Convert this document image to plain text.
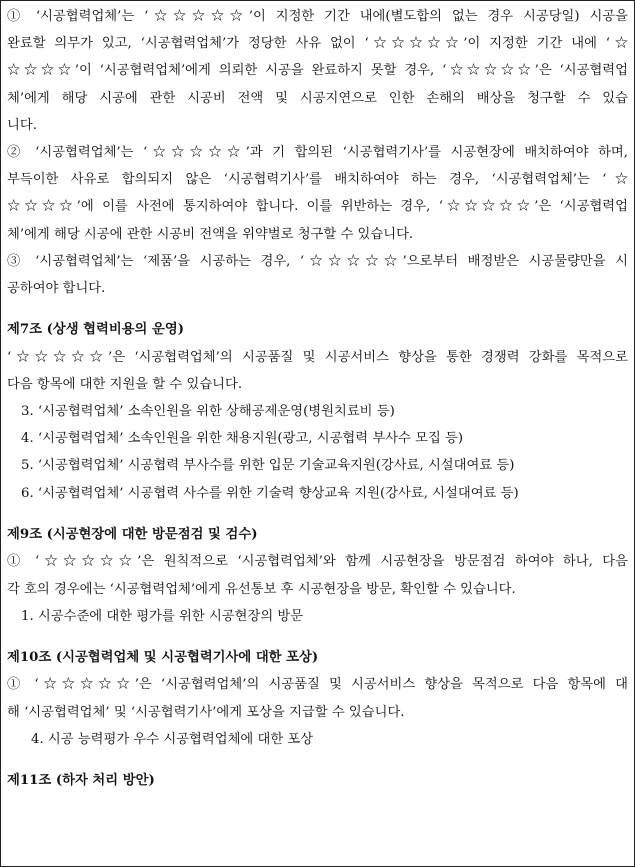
① ‘시공협력업체’는 ‘☆☆☆☆☆’이 지정한 기간 내에(별도합의 없는 경우 시공당일) 시공을
완료할 의무가 있고, ‘시공협력업체’가 정당한 사유 없이 ‘☆☆☆☆☆’이 지정한 기간 내에 ‘☆
☆☆☆☆’이 ‘시공협력업체’에게 의뢰한 시공을 완료하지 못할 경우, ‘☆☆☆☆☆’은 ‘시공협력업
체’에게 해당 시공에 관한 시공비 전액 및 시공지연으로 인한 손해의 배상을 청구할 수 있습
니다.
② ‘시공협력업체’는 ‘☆☆☆☆☆’과 기 합의된 ‘시공협력기사’를 시공현장에 배치하여야 하며,
부득이한 사유로 합의되지 않은 ‘시공협력기사’를 배치하여야 하는 경우, ‘시공협력업체’는 ‘☆
☆☆☆☆’에 이를 사전에 통지하여야 합니다. 이를 위반하는 경우, ‘☆☆☆☆☆’은 ‘시공협력업
체’에게 해당 시공에 관한 시공비 전액을 위약벌로 청구할 수 있습니다.
③ ‘시공협력업체’는 ‘제품’을 시공하는 경우, ‘☆☆☆☆☆’으로부터 배정받은 시공물량만을 시
공하여야 합니다.
제7조 (상생 협력비용의 운영)
‘☆☆☆☆☆’은 ‘시공협력업체’의 시공품질 및 시공서비스 향상을 통한 경쟁력 강화를 목적으로
다음 항목에 대한 지원을 할 수 있습니다.
3. ‘시공협력업체’ 소속인원을 위한 상해공제운영(병원치료비 등)
4. ‘시공협력업체’ 소속인원을 위한 채용지원(광고, 시공협력 부사수 모집 등)
5. ‘시공협력업체’ 시공협력 부사수를 위한 입문 기술교육지원(강사료, 시설대여료 등)
6. ‘시공협력업체’ 시공협력 사수를 위한 기술력 향상교육 지원(강사료, 시설대여료 등)
제9조 (시공현장에 대한 방문점검 및 검수)
① ‘☆☆☆☆☆’은 원칙적으로 ‘시공협력업체’와 함께 시공현장을 방문점검 하여야 하나, 다음
각 호의 경우에는 ‘시공협력업체’에게 유선통보 후 시공현장을 방문, 확인할 수 있습니다.
1. 시공수준에 대한 평가를 위한 시공현장의 방문
제10조 (시공협력업체 및 시공협력기사에 대한 포상)
① ‘☆☆☆☆☆’은 ‘시공협력업체’의 시공품질 및 시공서비스 향상을 목적으로 다음 항목에 대
해 ‘시공협력업체’ 및 ‘시공협력기사’에게 포상을 지급할 수 있습니다.
4. 시공 능력평가 우수 시공협력업체에 대한 포상
제11조 (하자 처리 방안)
